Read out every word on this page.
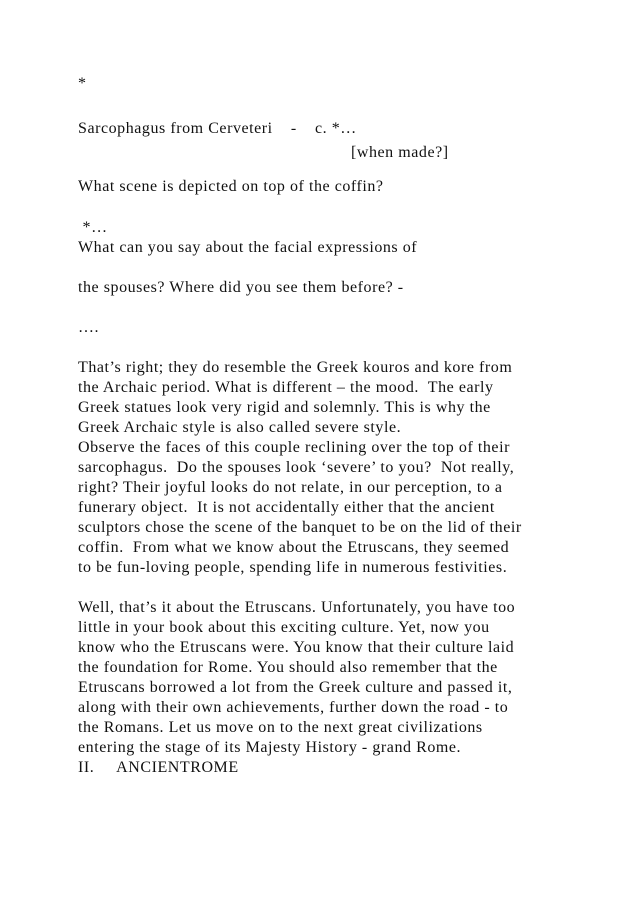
*
Sarcophagus from Cerveteri    -    c. *…
[when made?]
What scene is depicted on top of the coffin?
*…
What can you say about the facial expressions of
the spouses? Where did you see them before? -
….
That’s right; they do resemble the Greek kouros and kore from
the Archaic period. What is different – the mood.  The early
Greek statues look very rigid and solemnly. This is why the
Greek Archaic style is also called severe style.
Observe the faces of this couple reclining over the top of their
sarcophagus.  Do the spouses look ‘severe’ to you?  Not really,
right? Their joyful looks do not relate, in our perception, to a
funerary object.  It is not accidentally either that the ancient
sculptors chose the scene of the banquet to be on the lid of their
coffin.  From what we know about the Etruscans, they seemed
to be fun-loving people, spending life in numerous festivities.
Well, that’s it about the Etruscans. Unfortunately, you have too
little in your book about this exciting culture. Yet, now you
know who the Etruscans were. You know that their culture laid
the foundation for Rome. You should also remember that the
Etruscans borrowed a lot from the Greek culture and passed it,
along with their own achievements, further down the road - to
the Romans. Let us move on to the next great civilizations
entering the stage of its Majesty History - grand Rome.
II.     ANCIENTROME
